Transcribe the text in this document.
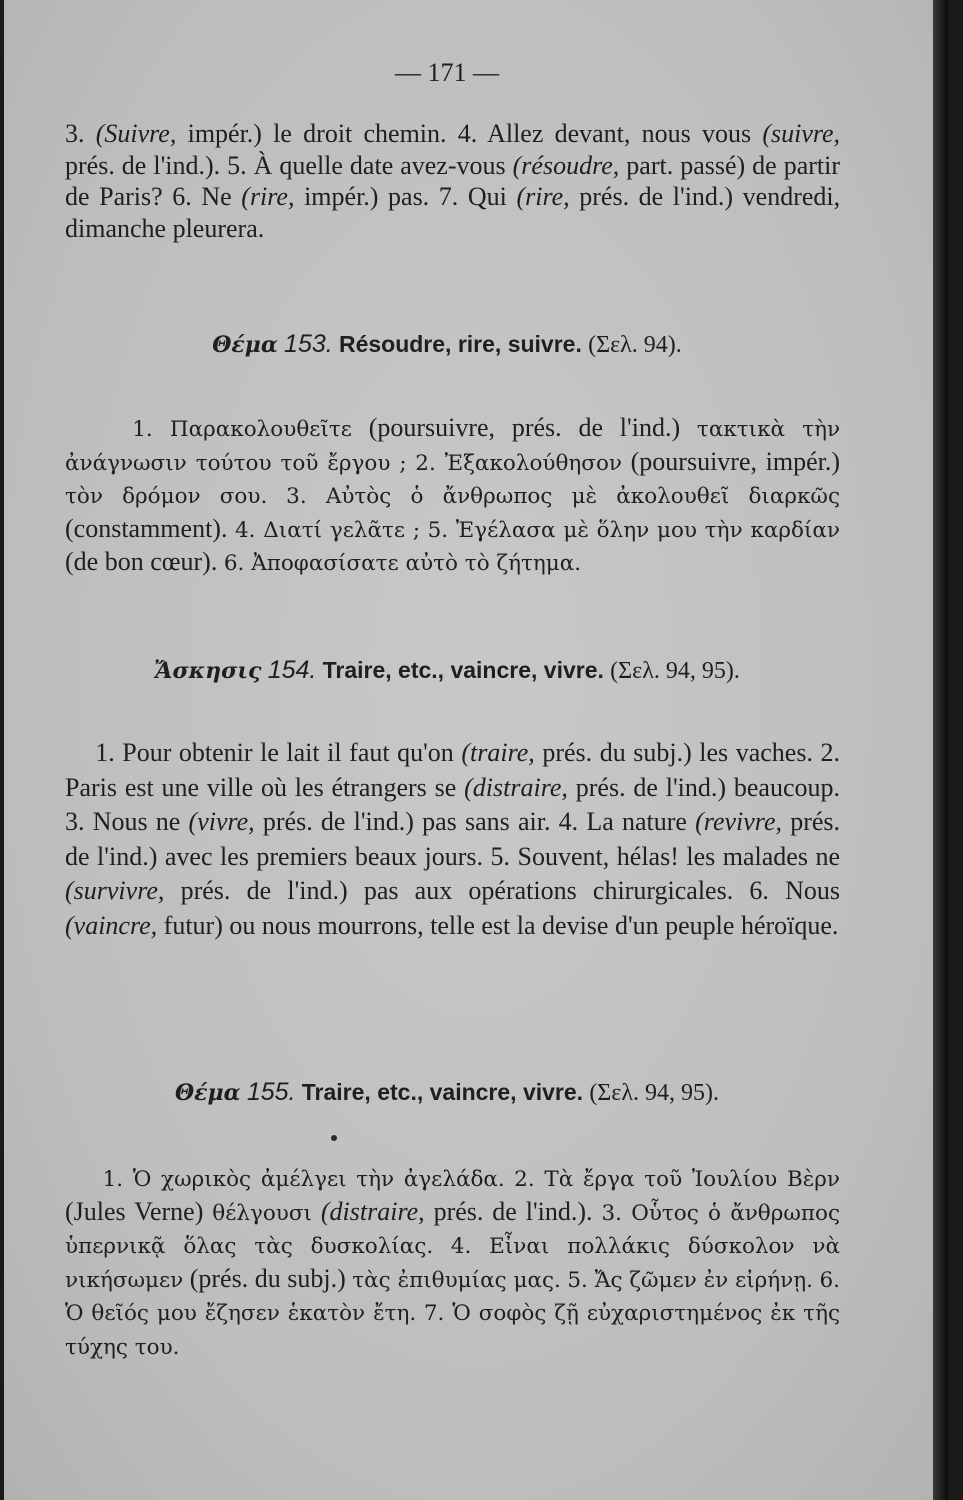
— 171 —
3. (Suivre, impér.) le droit chemin. 4. Allez devant, nous vous (suivre, prés. de l'ind.). 5. À quelle date avez-vous (résoudre, part. passé) de partir de Paris? 6. Ne (rire, impér.) pas. 7. Qui (rire, prés. de l'ind.) vendredi, dimanche pleurera.
Θέμα 153. Résoudre, rire, suivre. (Σελ. 94).
1. Παρακολουθεῖτε (poursuivre, prés. de l'ind.) τακτικὰ τὴν ἀνάγνωσιν τούτου τοῦ ἔργου ; 2. Ἐξακολούθησον (poursuivre, impér.) τὸν δρόμον σου. 3. Αὐτὸς ὁ ἄνθρωπος μὲ ἀκολουθεῖ διαρκῶς (constamment). 4. Διατί γελᾶτε ; 5. Ἐγέλασα μὲ ὅλην μου τὴν καρδίαν (de bon cœur). 6. Ἀποφασίσατε αὐτὸ τὸ ζήτημα.
Ἄσκησις 154. Traire, etc., vaincre, vivre. (Σελ. 94, 95).
1. Pour obtenir le lait il faut qu'on (traire, prés. du subj.) les vaches. 2. Paris est une ville où les étrangers se (distraire, prés. de l'ind.) beaucoup. 3. Nous ne (vivre, prés. de l'ind.) pas sans air. 4. La nature (revivre, prés. de l'ind.) avec les premiers beaux jours. 5. Souvent, hélas! les malades ne (survivre, prés. de l'ind.) pas aux opérations chirurgicales. 6. Nous (vaincre, futur) ou nous mourrons, telle est la devise d'un peuple héroïque.
Θέμα 155. Traire, etc., vaincre, vivre. (Σελ. 94, 95).
1. Ὁ χωρικὸς ἀμέλγει τὴν ἀγελάδα. 2. Τὰ ἔργα τοῦ Ἰουλίου Βὲρν (Jules Verne) θέλγουσι (distraire, prés. de l'ind.). 3. Οὗτος ὁ ἄνθρωπος ὑπερνικᾷ ὅλας τὰς δυσκολίας. 4. Εἶναι πολλάκις δύσκολον νὰ νικήσωμεν (prés. du subj.) τὰς ἐπιθυμίας μας. 5. Ἄς ζῶμεν ἐν εἰρήνῃ. 6. Ὁ θεῖός μου ἔζησεν ἑκατὸν ἔτη. 7. Ὁ σοφὸς ζῇ εὐχαριστημένος ἐκ τῆς τύχης του.
